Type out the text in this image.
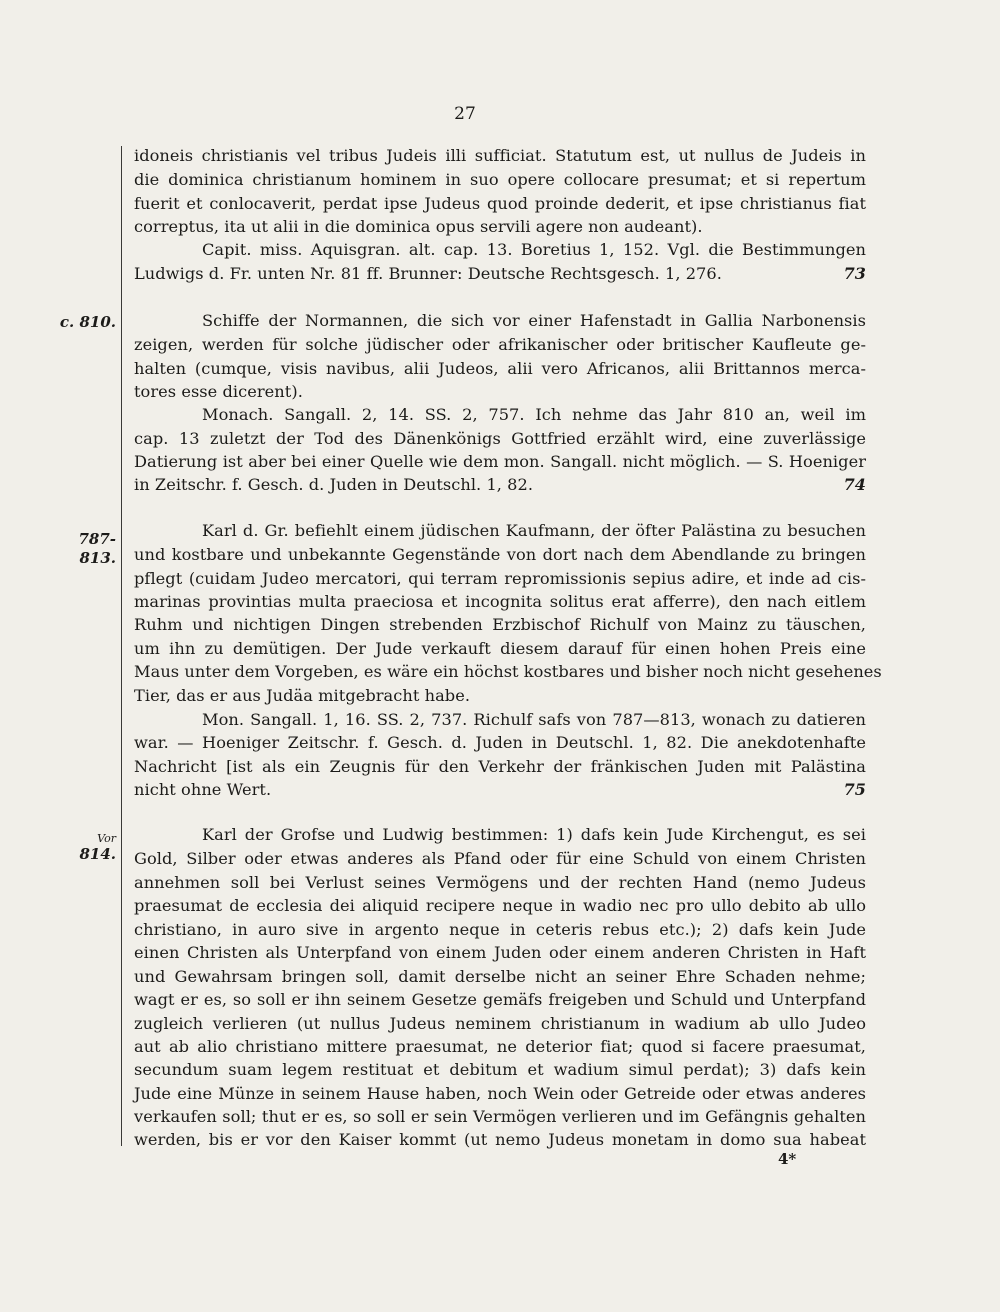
27
c. 810.
787-
813.
Vor
814.

idoneis christianis vel tribus Judeis illi sufficiat. Statutum est, ut nullus de Judeis in

die dominica christianum hominem in suo opere collocare presumat; et si repertum

fuerit et conlocaverit, perdat ipse Judeus quod proinde dederit, et ipse christianus fiat

correptus, ita ut alii in die dominica opus servili agere non audeant).

Capit. miss. Aquisgran. alt. cap. 13. Boretius 1, 152. Vgl. die Bestimmungen

Ludwigs d. Fr. unten Nr. 81 ff. Brunner: Deutsche Rechtsgesch. 1, 276.	73

Schiffe der Normannen, die sich vor einer Hafenstadt in Gallia Narbonensis

zeigen, werden für solche jüdischer oder afrikanischer oder britischer Kaufleute ge-

halten (cumque, visis navibus, alii Judeos, alii vero Africanos, alii Brittannos merca-

tores esse dicerent).

Monach. Sangall. 2, 14. SS. 2, 757. Ich nehme das Jahr 810 an, weil im

cap. 13 zuletzt der Tod des Dänenkönigs Gottfried erzählt wird, eine zuverlässige

Datierung ist aber bei einer Quelle wie dem mon. Sangall. nicht möglich. — S. Hoeniger

in Zeitschr. f. Gesch. d. Juden in Deutschl. 1, 82.	74

Karl d. Gr. befiehlt einem jüdischen Kaufmann, der öfter Palästina zu besuchen

und kostbare und unbekannte Gegenstände von dort nach dem Abendlande zu bringen

pflegt (cuidam Judeo mercatori, qui terram repromissionis sepius adire, et inde ad cis-

marinas provintias multa praeciosa et incognita solitus erat afferre), den nach eitlem

Ruhm und nichtigen Dingen strebenden Erzbischof Richulf von Mainz zu täuschen,

um ihn zu demütigen. Der Jude verkauft diesem darauf für einen hohen Preis eine

Maus unter dem Vorgeben, es wäre ein höchst kostbares und bisher noch nicht gesehenes

Tier, das er aus Judäa mitgebracht habe.

Mon. Sangall. 1, 16. SS. 2, 737. Richulf safs von 787—813, wonach zu datieren

war. — Hoeniger Zeitschr. f. Gesch. d. Juden in Deutschl. 1, 82. Die anekdotenhafte

Nachricht [ist als ein Zeugnis für den Verkehr der fränkischen Juden mit Palästina

nicht ohne Wert.	75

Karl der Grofse und Ludwig bestimmen: 1) dafs kein Jude Kirchengut, es sei

Gold, Silber oder etwas anderes als Pfand oder für eine Schuld von einem Christen

annehmen soll bei Verlust seines Vermögens und der rechten Hand (nemo Judeus

praesumat de ecclesia dei aliquid recipere neque in wadio nec pro ullo debito ab ullo

christiano, in auro sive in argento neque in ceteris rebus etc.); 2) dafs kein Jude

einen Christen als Unterpfand von einem Juden oder einem anderen Christen in Haft

und Gewahrsam bringen soll, damit derselbe nicht an seiner Ehre Schaden nehme;

wagt er es, so soll er ihn seinem Gesetze gemäfs freigeben und Schuld und Unterpfand

zugleich verlieren (ut nullus Judeus neminem christianum in wadium ab ullo Judeo

aut ab alio christiano mittere praesumat, ne deterior fiat; quod si facere praesumat,

secundum suam legem restituat et debitum et wadium simul perdat); 3) dafs kein

Jude eine Münze in seinem Hause haben, noch Wein oder Getreide oder etwas anderes

verkaufen soll; thut er es, so soll er sein Vermögen verlieren und im Gefängnis gehalten

werden, bis er vor den Kaiser kommt (ut nemo Judeus monetam in domo sua habeat

4*
